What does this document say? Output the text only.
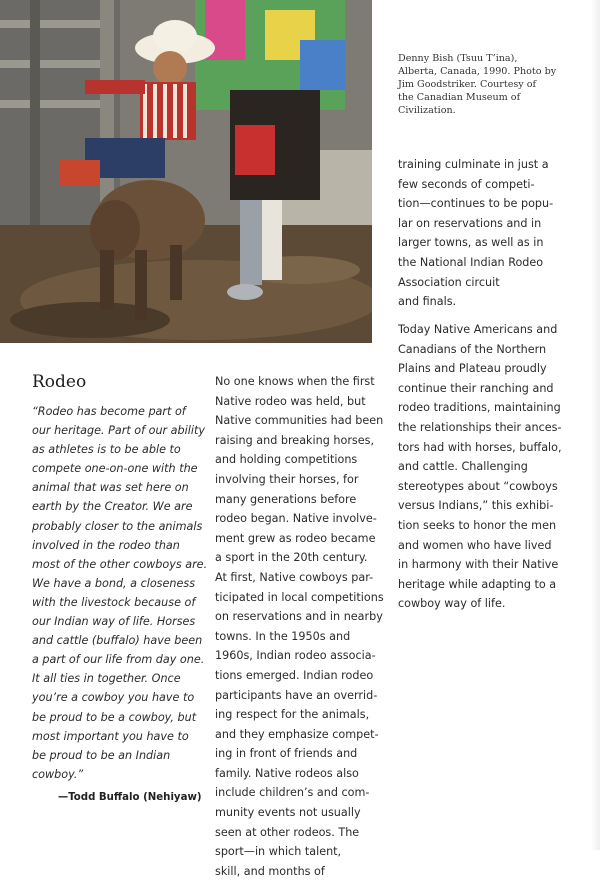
Denny Bish (Tsuu T’ina),
Alberta, Canada, 1990. Photo by
Jim Goodstriker. Courtesy of
the Canadian Museum of
Civilization.
training culminate in just a
few seconds of competi-
tion—continues to be popu-
lar on reservations and in
larger towns, as well as in
the National Indian Rodeo
Association circuit
and finals.
Rodeo
“Rodeo has become part of
our heritage. Part of our ability
as athletes is to be able to
compete one-on-one with the
animal that was set here on
earth by the Creator. We are
probably closer to the animals
involved in the rodeo than
most of the other cowboys are.
We have a bond, a closeness
with the livestock because of
our Indian way of life. Horses
and cattle (buffalo) have been
a part of our life from day one.
It all ties in together. Once
you’re a cowboy you have to
be proud to be a cowboy, but
most important you have to
be proud to be an Indian
cowboy.”
—Todd Buffalo (Nehiyaw)
No one knows when the first
Native rodeo was held, but
Native communities had been
raising and breaking horses,
and holding competitions
involving their horses, for
many generations before
rodeo began. Native involve-
ment grew as rodeo became
a sport in the 20th century.
At first, Native cowboys par-
ticipated in local competitions
on reservations and in nearby
towns. In the 1950s and
1960s, Indian rodeo associa-
tions emerged. Indian rodeo
participants have an overrid-
ing respect for the animals,
and they emphasize compet-
ing in front of friends and
family. Native rodeos also
include children’s and com-
munity events not usually
seen at other rodeos. The
sport—in which talent,
skill, and months of
Today Native Americans and
Canadians of the Northern
Plains and Plateau proudly
continue their ranching and
rodeo traditions, maintaining
the relationships their ances-
tors had with horses, buffalo,
and cattle. Challenging
stereotypes about “cowboys
versus Indians,” this exhibi-
tion seeks to honor the men
and women who have lived
in harmony with their Native
heritage while adapting to a
cowboy way of life.
